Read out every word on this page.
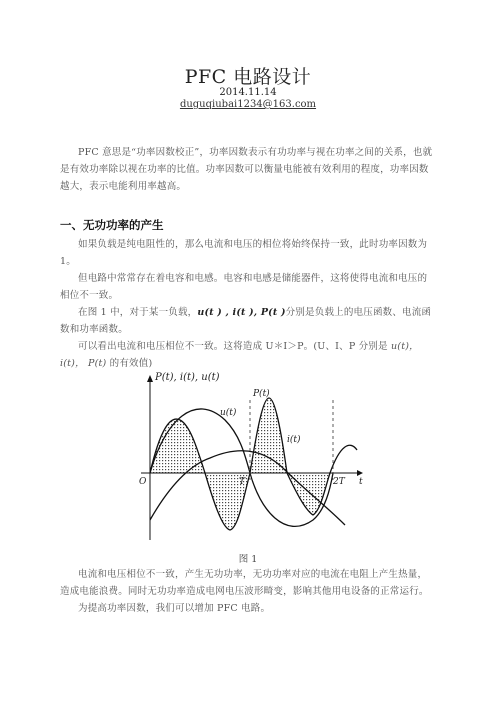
PFC 电路设计
2014.11.14
duguqiubai1234@163.com
PFC 意思是“功率因数校正”，功率因数表示有功功率与视在功率之间的关系，也就是有效功率除以视在功率的比值。功率因数可以衡量电能被有效利用的程度，功率因数越大，表示电能利用率越高。
一、无功功率的产生
如果负载是纯电阻性的，那么电流和电压的相位将始终保持一致，此时功率因数为 1。
但电路中常常存在着电容和电感。电容和电感是储能器件，这将使得电流和电压的相位不一致。
在图 1 中，对于某一负载，u(t ) , i(t ), P(t )分别是负载上的电压函数、电流函数和功率函数。
可以看出电流和电压相位不一致。这将造成 U＊I＞P。(U、I、P 分别是 u(t)， i(t)， P(t) 的有效值)
P(t), i(t), u(t)
u(t)
P(t)
i(t)
O	T	2T t
图 1
电流和电压相位不一致，产生无功功率，无功功率对应的电流在电阻上产生热量，造成电能浪费。同时无功功率造成电网电压波形畸变，影响其他用电设备的正常运行。
为提高功率因数，我们可以增加 PFC 电路。
